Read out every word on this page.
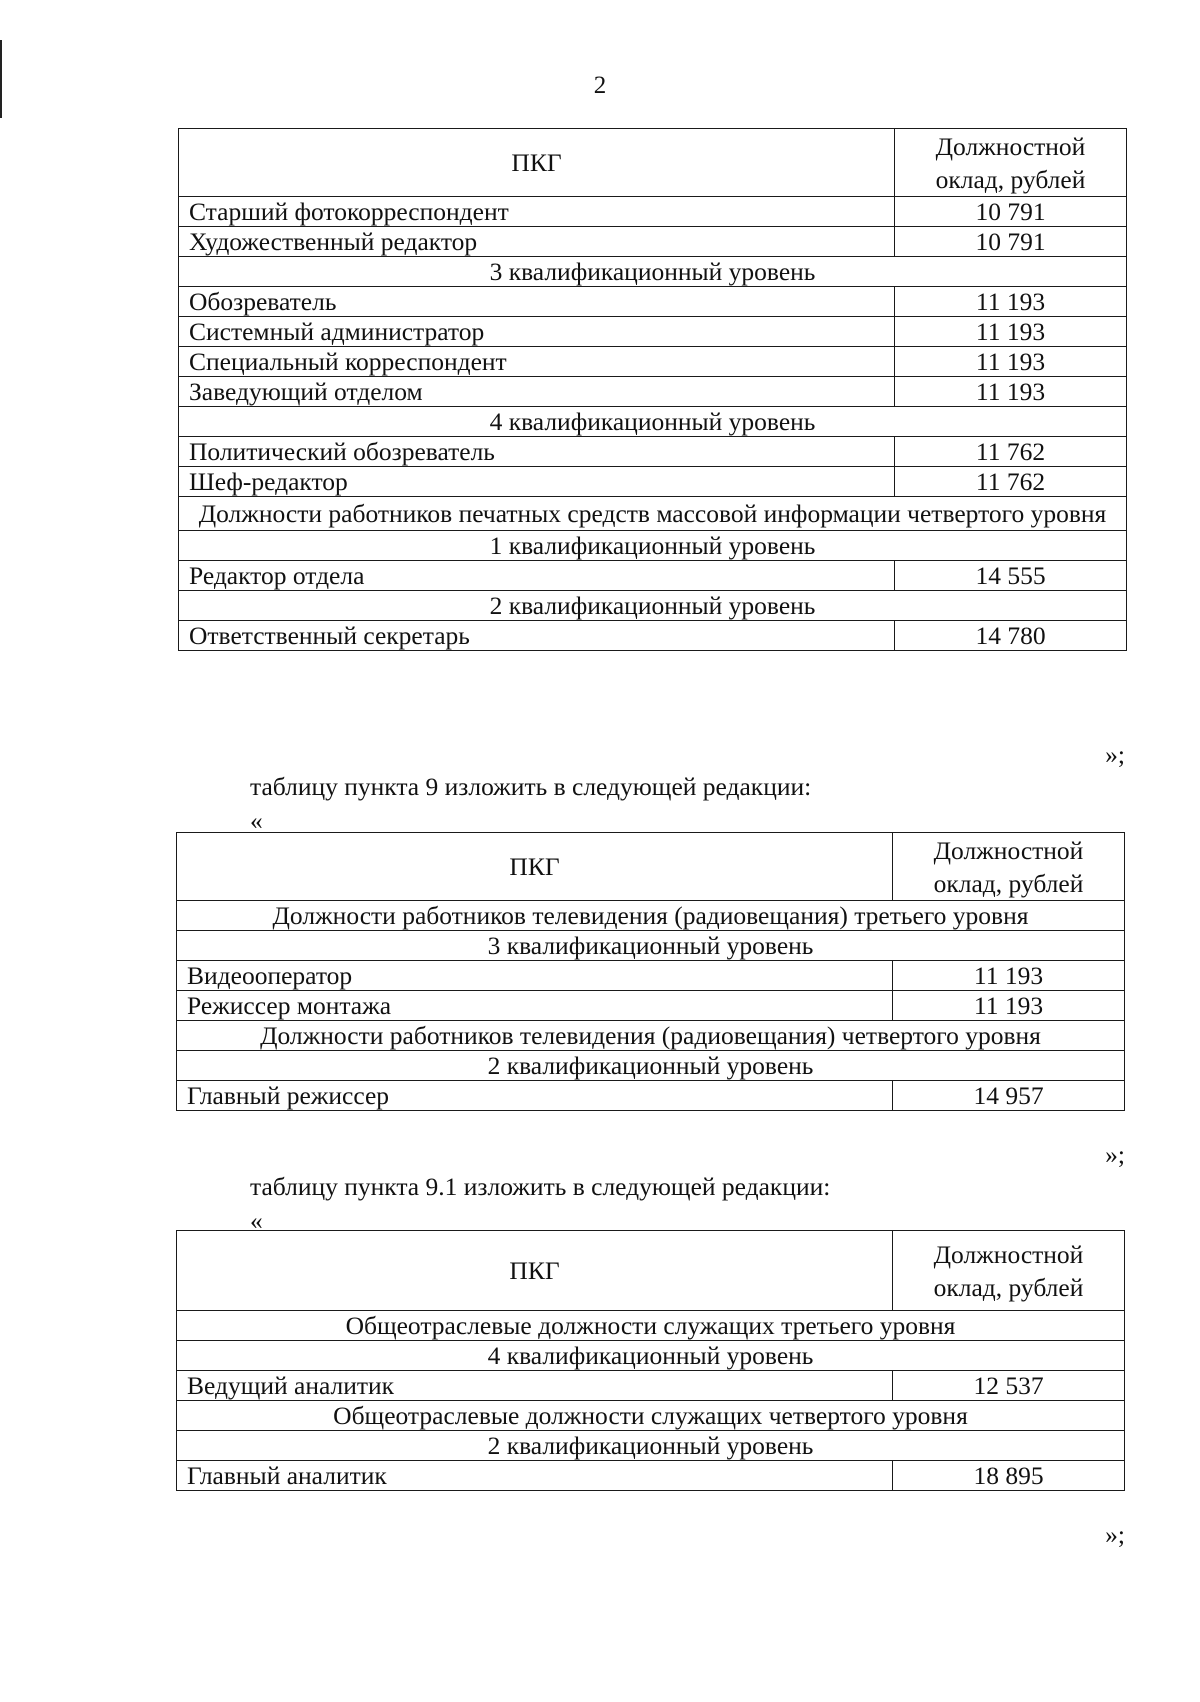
2
ПКГ	Должностной оклад, рублей
Старший фотокорреспондент	10 791
Художественный редактор	10 791
3 квалификационный уровень	
Обозреватель	11 193
Системный администратор	11 193
Специальный корреспондент	11 193
Заведующий отделом	11 193
4 квалификационный уровень	
Политический обозреватель	11 762
Шеф-редактор	11 762
Должности работников печатных средств массовой информации четвертого уровня	
1 квалификационный уровень	
Редактор отдела	14 555
2 квалификационный уровень	
Ответственный секретарь	14 780
»;
таблицу пункта 9 изложить в следующей редакции:
«
ПКГ	Должностной оклад, рублей
Должности работников телевидения (радиовещания) третьего уровня	
3 квалификационный уровень	
Видеооператор	11 193
Режиссер монтажа	11 193
Должности работников телевидения (радиовещания) четвертого уровня	
2 квалификационный уровень	
Главный режиссер	14 957
»;
таблицу пункта 9.1 изложить в следующей редакции:
«
ПКГ	Должностной оклад, рублей
Общеотраслевые должности служащих третьего уровня	
4 квалификационный уровень	
Ведущий аналитик	12 537
Общеотраслевые должности служащих четвертого уровня	
2 квалификационный уровень	
Главный аналитик	18 895
»;
